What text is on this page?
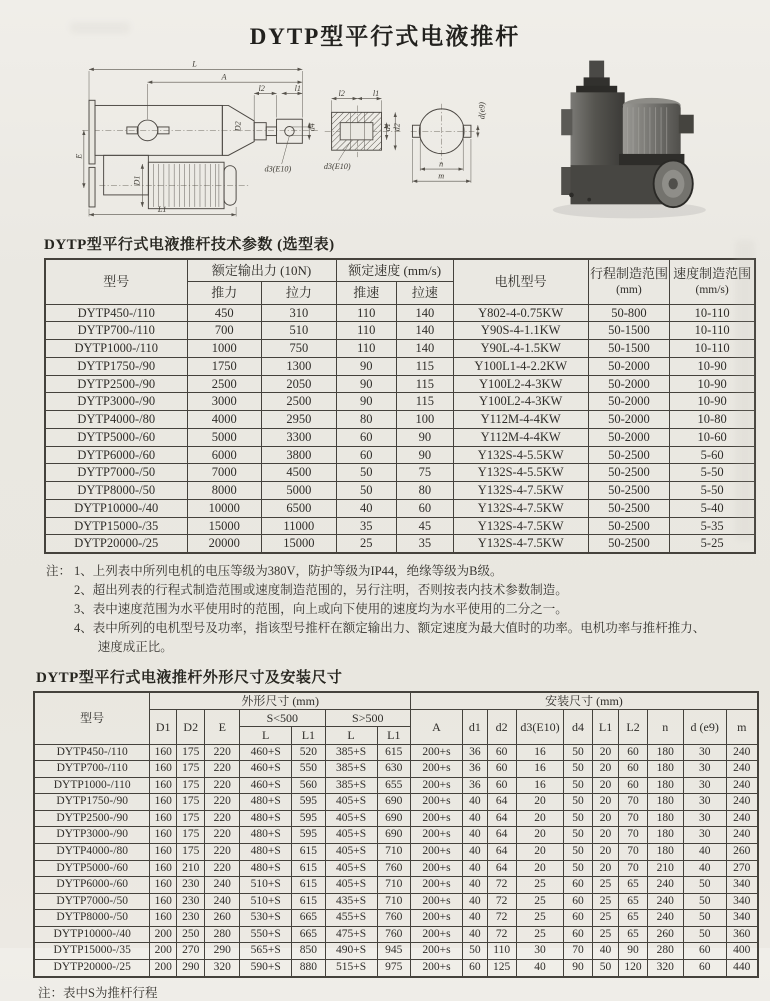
DYTP型平行式电液推杆
L
A
l2	l1
d4
d3(E10)
D2
E
D1
L1
l2	l1
d1 d2
d3(E10)
d(e9)
n
m
DYTP型平行式电液推杆技术参数 (选型表)
型号	额定输出力 (10N)		额定速度 (mm/s)		电机型号	行程制造范围
(mm)	速度制造范围
(mm/s)
	推力	拉力	推速	拉速			
DYTP450-/110	450	310	110	140	Y802-4-0.75KW	50-800	10-110
DYTP700-/110	700	510	110	140	Y90S-4-1.1KW	50-1500	10-110
DYTP1000-/110	1000	750	110	140	Y90L-4-1.5KW	50-1500	10-110
DYTP1750-/90	1750	1300	90	115	Y100L1-4-2.2KW	50-2000	10-90
DYTP2500-/90	2500	2050	90	115	Y100L2-4-3KW	50-2000	10-90
DYTP3000-/90	3000	2500	90	115	Y100L2-4-3KW	50-2000	10-90
DYTP4000-/80	4000	2950	80	100	Y112M-4-4KW	50-2000	10-80
DYTP5000-/60	5000	3300	60	90	Y112M-4-4KW	50-2000	10-60
DYTP6000-/60	6000	3800	60	90	Y132S-4-5.5KW	50-2500	5-60
DYTP7000-/50	7000	4500	50	75	Y132S-4-5.5KW	50-2500	5-50
DYTP8000-/50	8000	5000	50	80	Y132S-4-7.5KW	50-2500	5-50
DYTP10000-/40	10000	6500	40	60	Y132S-4-7.5KW	50-2500	5-40
DYTP15000-/35	15000	11000	35	45	Y132S-4-7.5KW	50-2500	5-35
DYTP20000-/25	20000	15000	25	35	Y132S-4-7.5KW	50-2500	5-25
注： 1、上列表中所列电机的电压等级为380V，防护等级为IP44，绝缘等级为B级。
2、超出列表的行程式制造范围或速度制造范围的，另行注明，否则按表内技术参数制造。
3、表中速度范围为水平使用时的范围，向上或向下使用的速度均为水平使用的二分之一。
4、表中所列的电机型号及功率，指该型号推杆在额定输出力、额定速度为最大值时的功率。电机功率与推杆推力、速度成正比。
DYTP型平行式电液推杆外形尺寸及安装尺寸
型号	外形尺寸 (mm)							安装尺寸 (mm)									
	D1	D2	E	S<500		S>500		A	d1	d2	d3(E10)	d4	L1	L2	n	d (e9)	m
				L	L1	L	L1										
DYTP450-/110	160	175	220	460+S	520	385+S	615	200+s	36	60	16	50	20	60	180	30	240
DYTP700-/110	160	175	220	460+S	550	385+S	630	200+s	36	60	16	50	20	60	180	30	240
DYTP1000-/110	160	175	220	460+S	560	385+S	655	200+s	36	60	16	50	20	60	180	30	240
DYTP1750-/90	160	175	220	480+S	595	405+S	690	200+s	40	64	20	50	20	70	180	30	240
DYTP2500-/90	160	175	220	480+S	595	405+S	690	200+s	40	64	20	50	20	70	180	30	240
DYTP3000-/90	160	175	220	480+S	595	405+S	690	200+s	40	64	20	50	20	70	180	30	240
DYTP4000-/80	160	175	220	480+S	615	405+S	710	200+s	40	64	20	50	20	70	180	40	260
DYTP5000-/60	160	210	220	480+S	615	405+S	760	200+s	40	64	20	50	20	70	210	40	270
DYTP6000-/60	160	230	240	510+S	615	405+S	710	200+s	40	72	25	60	25	65	240	50	340
DYTP7000-/50	160	230	240	510+S	615	435+S	710	200+s	40	72	25	60	25	65	240	50	340
DYTP8000-/50	160	230	260	530+S	665	455+S	760	200+s	40	72	25	60	25	65	240	50	340
DYTP10000-/40	200	250	280	550+S	665	475+S	760	200+s	40	72	25	60	25	65	260	50	360
DYTP15000-/35	200	270	290	565+S	850	490+S	945	200+s	50	110	30	70	40	90	280	60	400
DYTP20000-/25	200	290	320	590+S	880	515+S	975	200+s	60	125	40	90	50	120	320	60	440
注：表中S为推杆行程
